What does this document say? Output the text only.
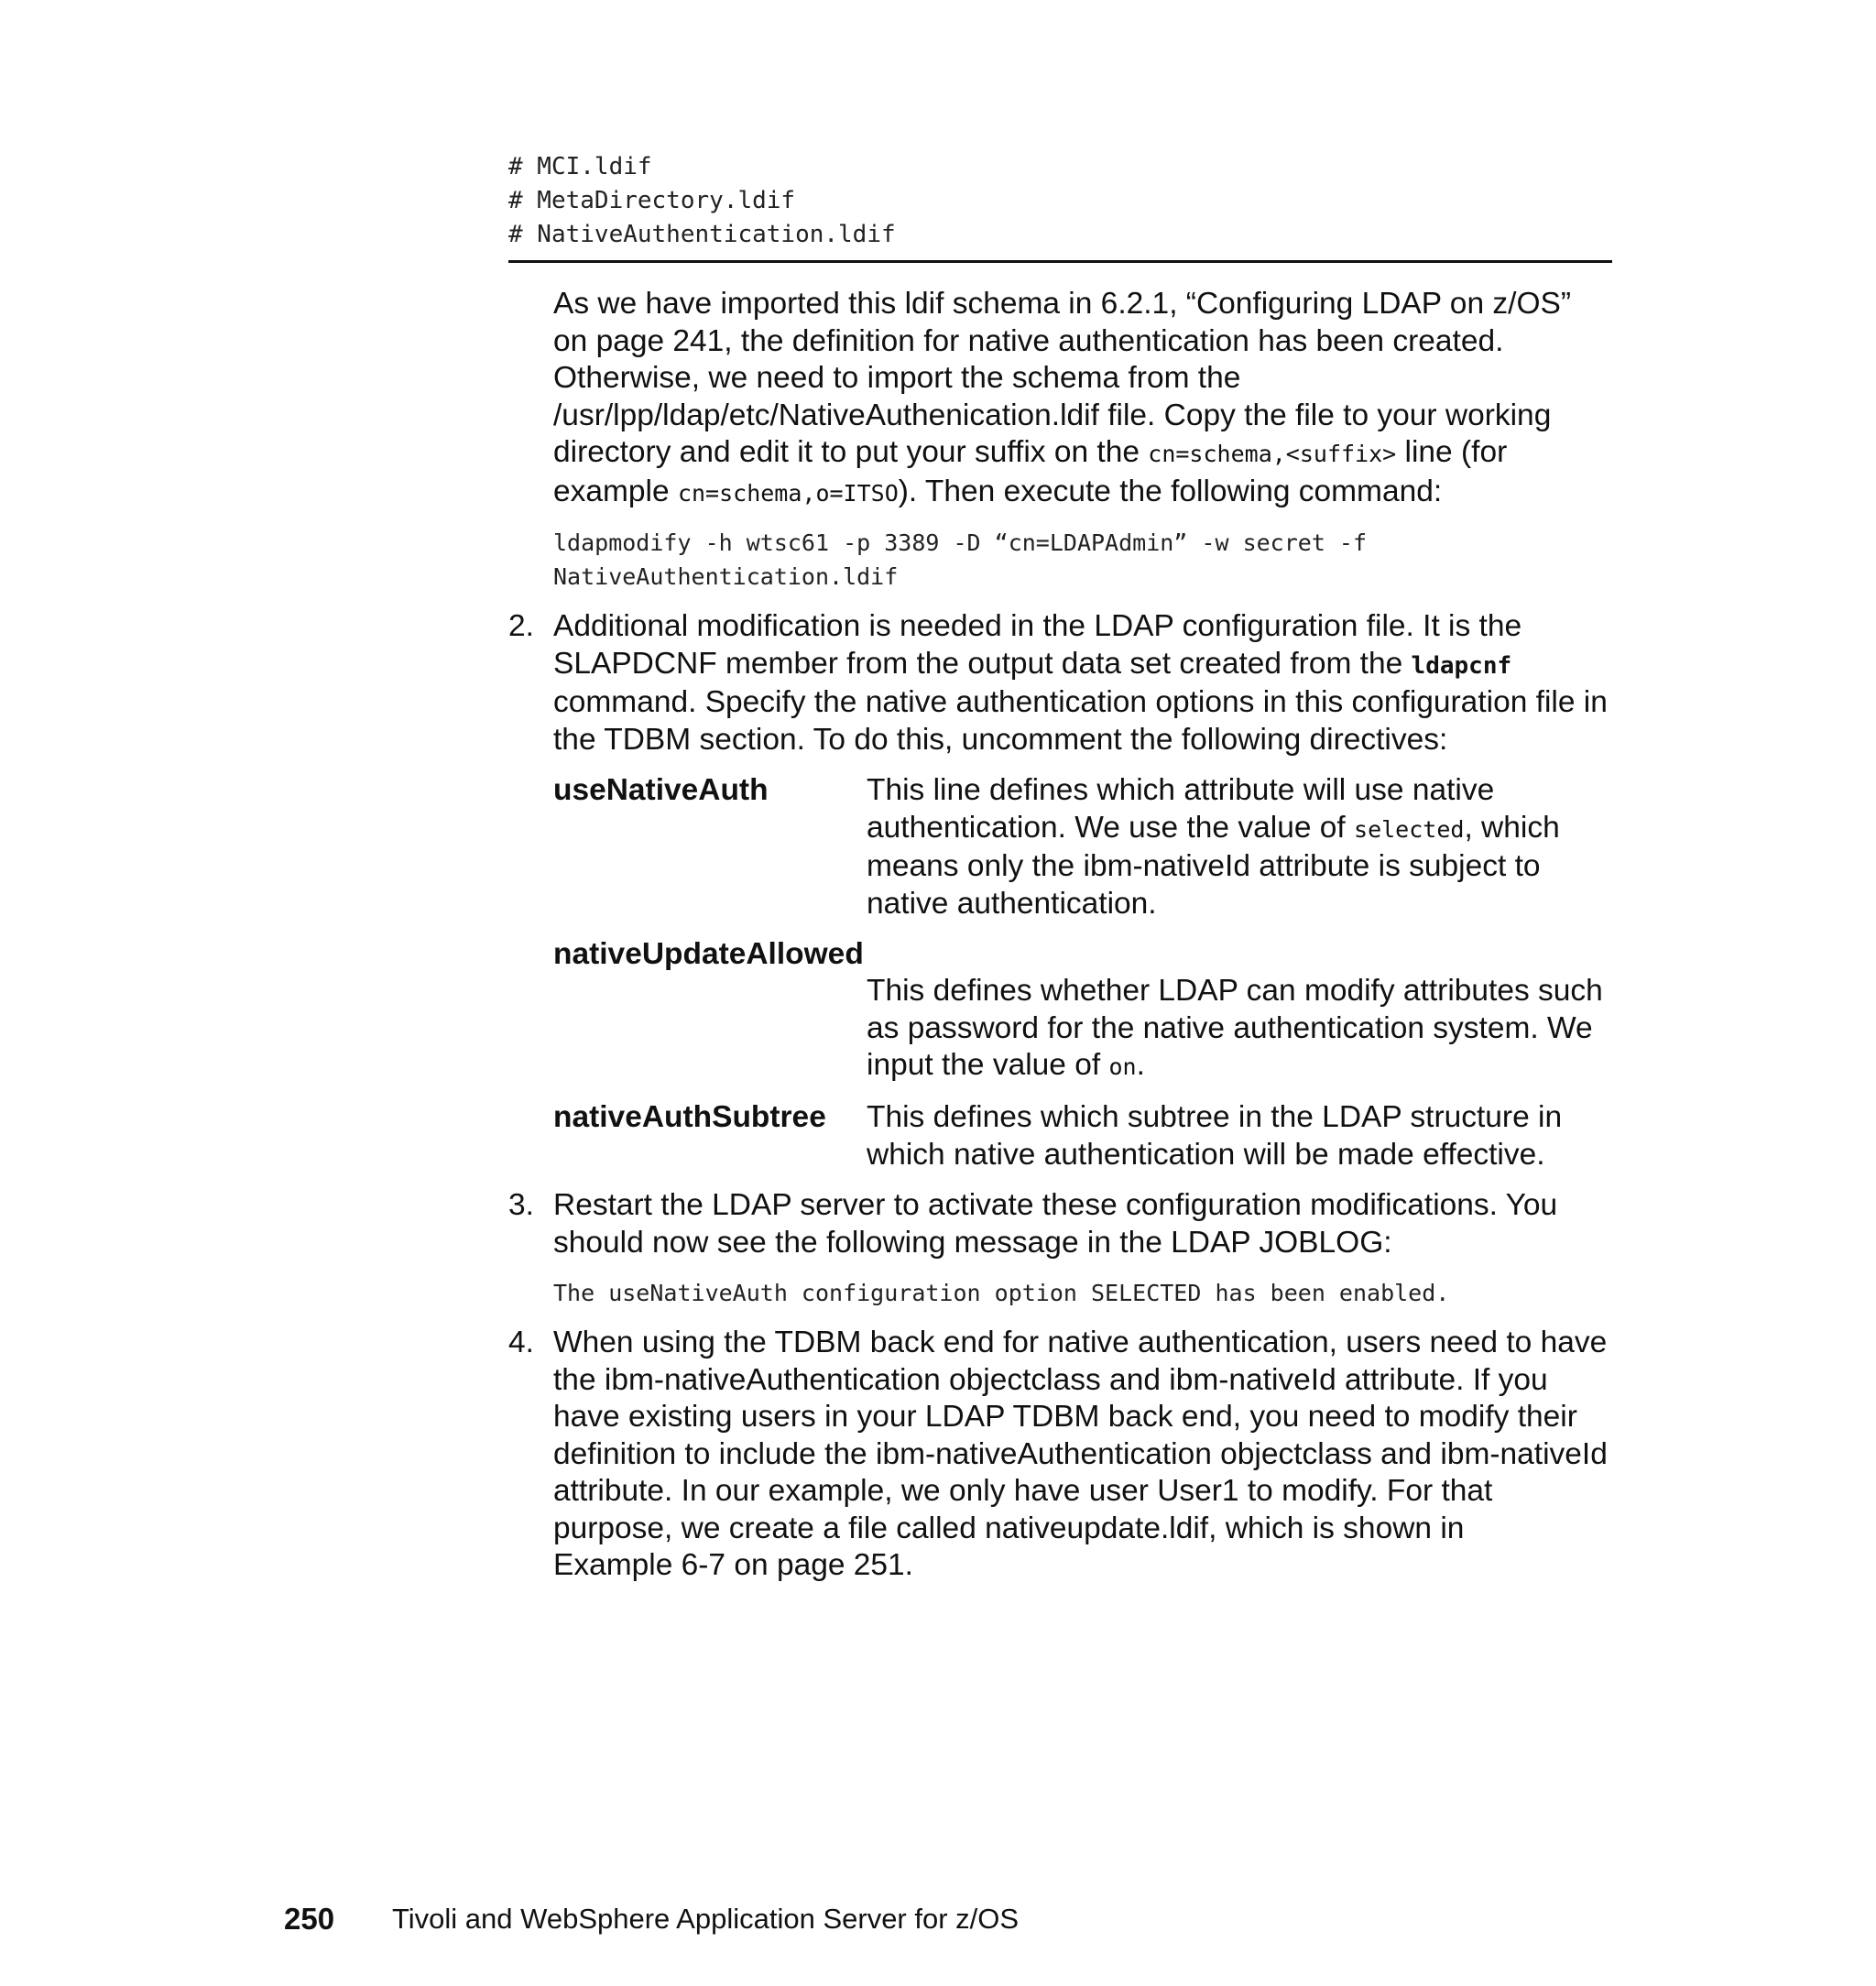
# MCI.ldif
# MetaDirectory.ldif
# NativeAuthentication.ldif
As we have imported this ldif schema in 6.2.1, “Configuring LDAP on z/OS”
on page 241, the definition for native authentication has been created.
Otherwise, we need to import the schema from the
/usr/lpp/ldap/etc/NativeAuthenication.ldif file. Copy the file to your working
directory and edit it to put your suffix on the cn=schema,<suffix> line (for
example cn=schema,o=ITSO). Then execute the following command:
ldapmodify -h wtsc61 -p 3389 -D “cn=LDAPAdmin” -w secret -f
NativeAuthentication.ldif
2. Additional modification is needed in the LDAP configuration file. It is the
SLAPDCNF member from the output data set created from the ldapcnf
command. Specify the native authentication options in this configuration file in
the TDBM section. To do this, uncomment the following directives:
useNativeAuth	This line defines which attribute will use native
authentication. We use the value of selected, which
means only the ibm-nativeId attribute is subject to
native authentication.
nativeUpdateAllowed
This defines whether LDAP can modify attributes such
as password for the native authentication system. We
input the value of on.
nativeAuthSubtree This defines which subtree in the LDAP structure in
which native authentication will be made effective.
3. Restart the LDAP server to activate these configuration modifications. You
should now see the following message in the LDAP JOBLOG:
The useNativeAuth configuration option SELECTED has been enabled.
4. When using the TDBM back end for native authentication, users need to have
the ibm-nativeAuthentication objectclass and ibm-nativeId attribute. If you
have existing users in your LDAP TDBM back end, you need to modify their
definition to include the ibm-nativeAuthentication objectclass and ibm-nativeId
attribute. In our example, we only have user User1 to modify. For that
purpose, we create a file called nativeupdate.ldif, which is shown in
Example 6-7 on page 251.
250 Tivoli and WebSphere Application Server for z/OS
